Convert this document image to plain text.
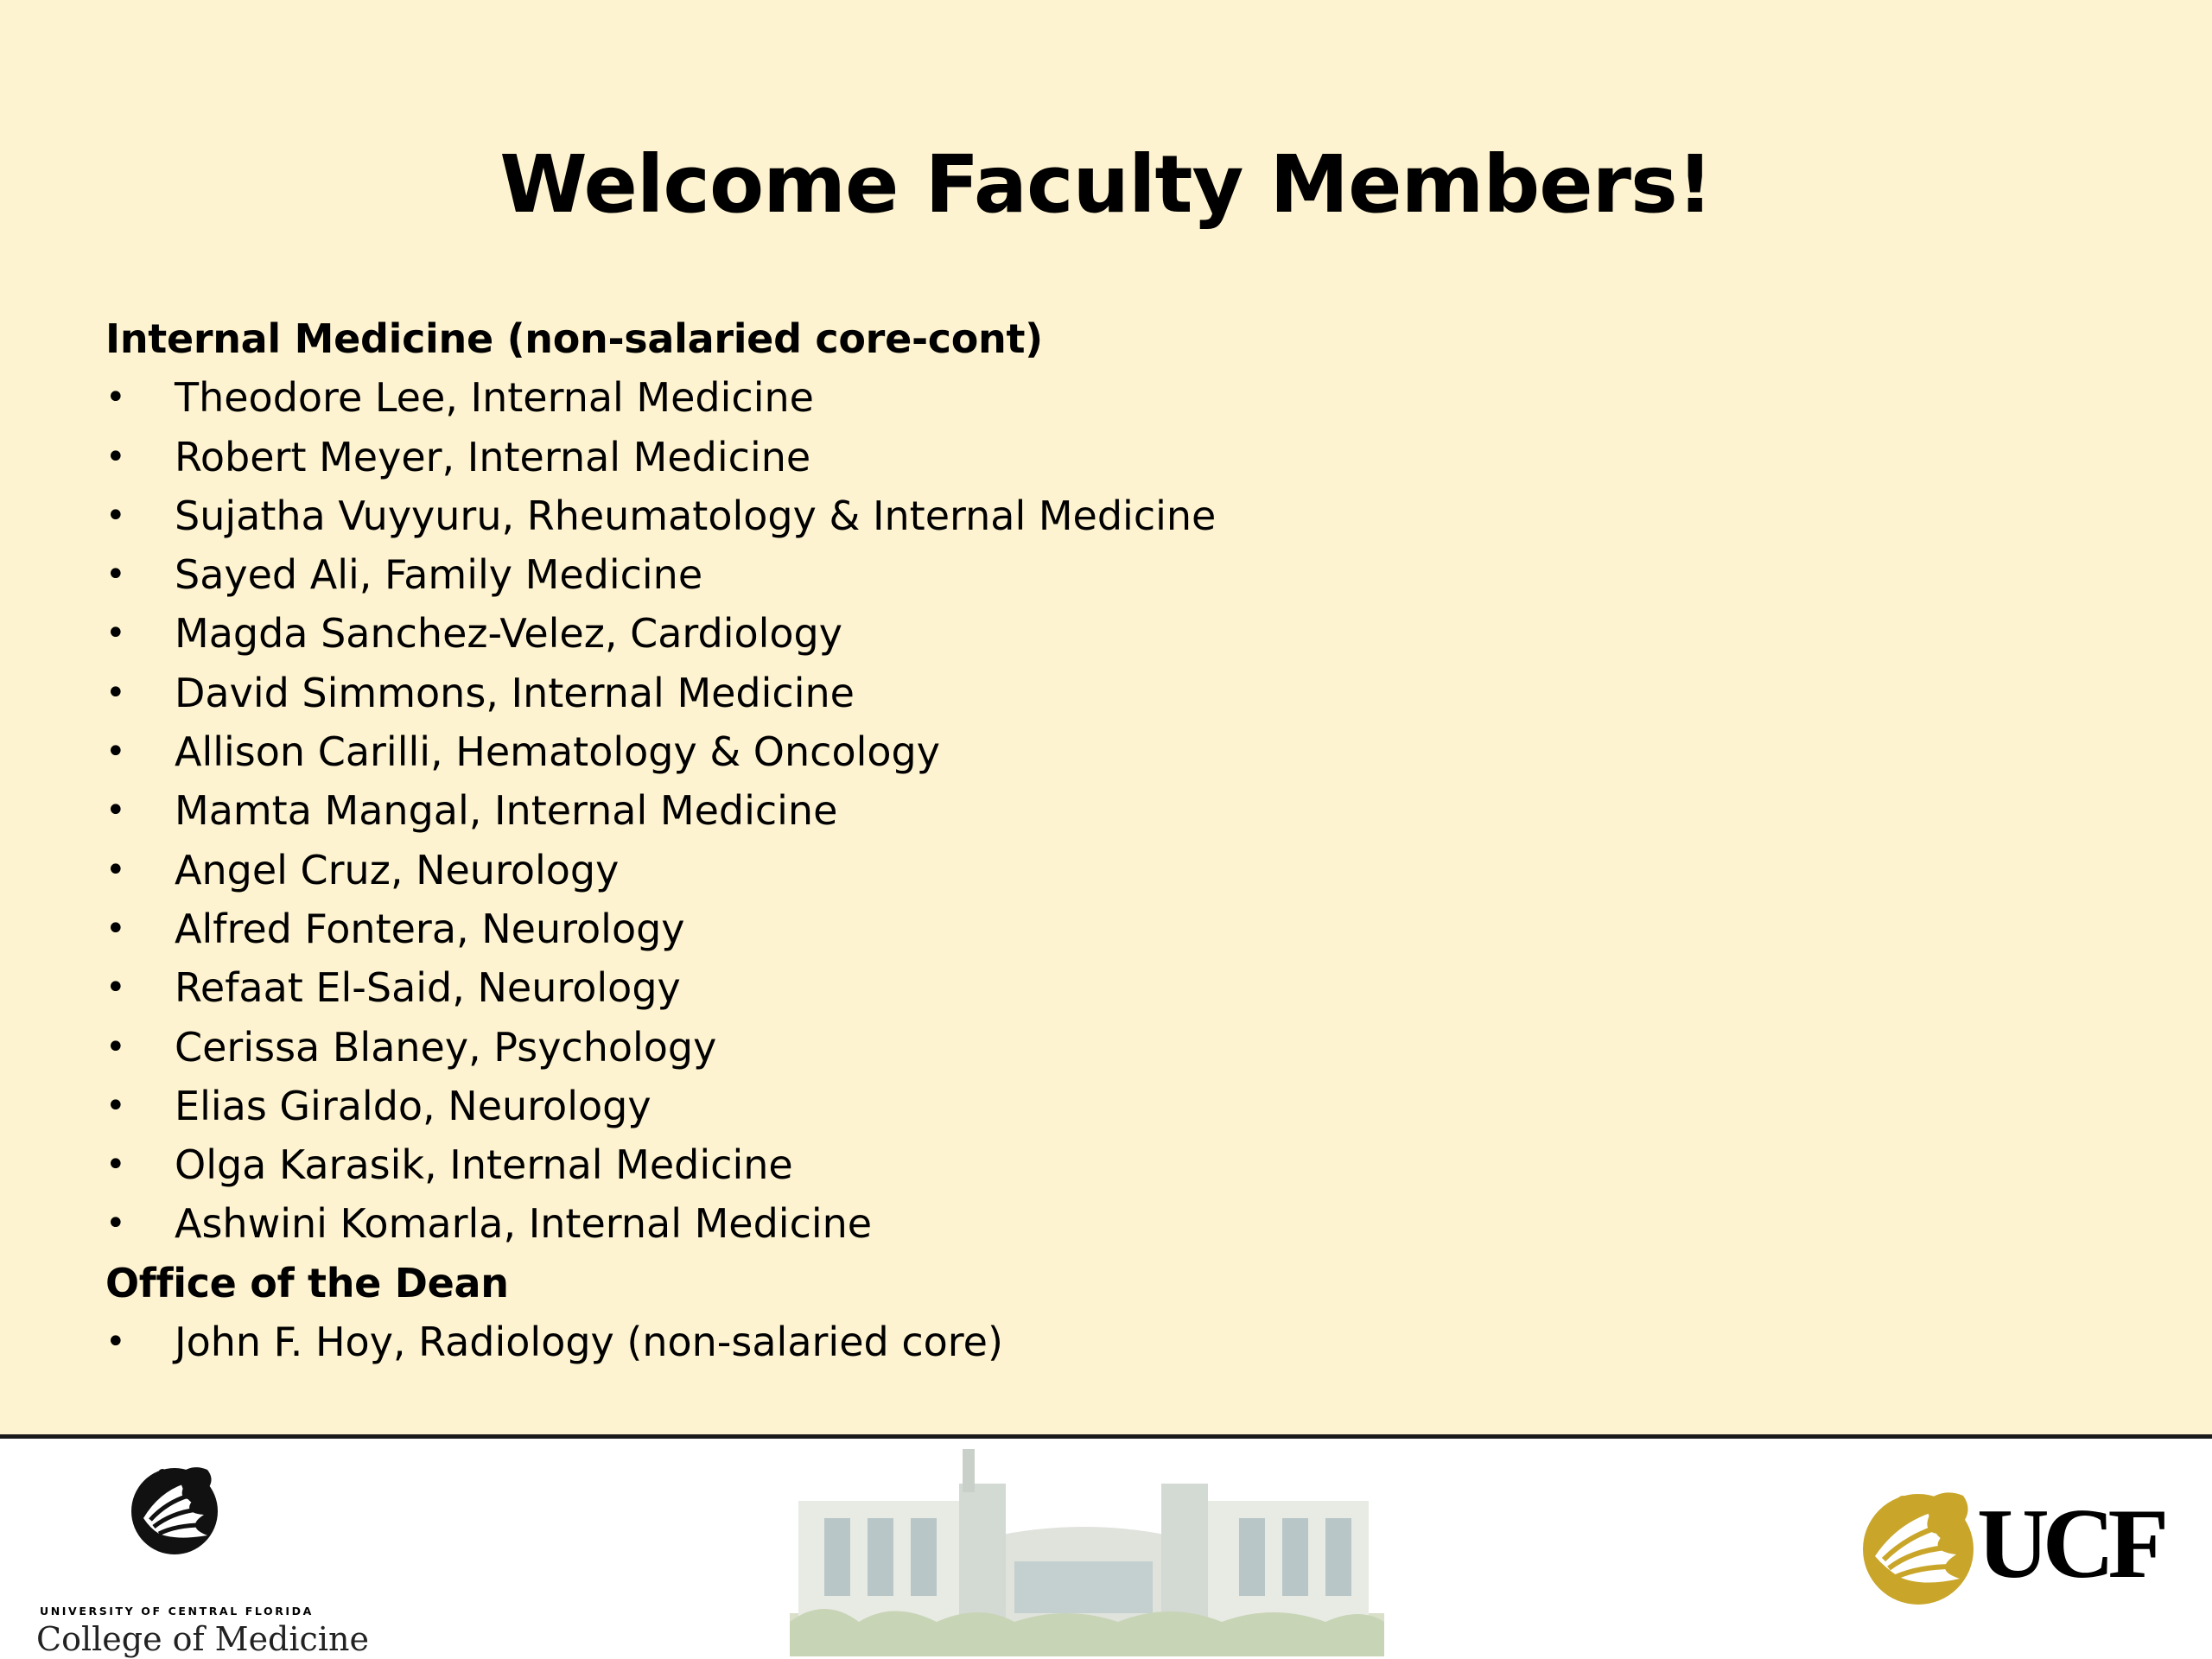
Welcome Faculty Members!
Internal Medicine (non-salaried core-cont)
• Theodore Lee, Internal Medicine
• Robert Meyer, Internal Medicine
• Sujatha Vuyyuru, Rheumatology & Internal Medicine
• Sayed Ali, Family Medicine
• Magda Sanchez-Velez, Cardiology
• David Simmons, Internal Medicine
• Allison Carilli, Hematology & Oncology
• Mamta Mangal, Internal Medicine
• Angel Cruz, Neurology
• Alfred Fontera, Neurology
• Refaat El-Said, Neurology
• Cerissa Blaney, Psychology
• Elias Giraldo, Neurology
• Olga Karasik, Internal Medicine
• Ashwini Komarla, Internal Medicine
Office of the Dean
• John F. Hoy, Radiology (non-salaried core)
UNIVERSITY OF CENTRAL FLORIDA
College of Medicine
UCF
